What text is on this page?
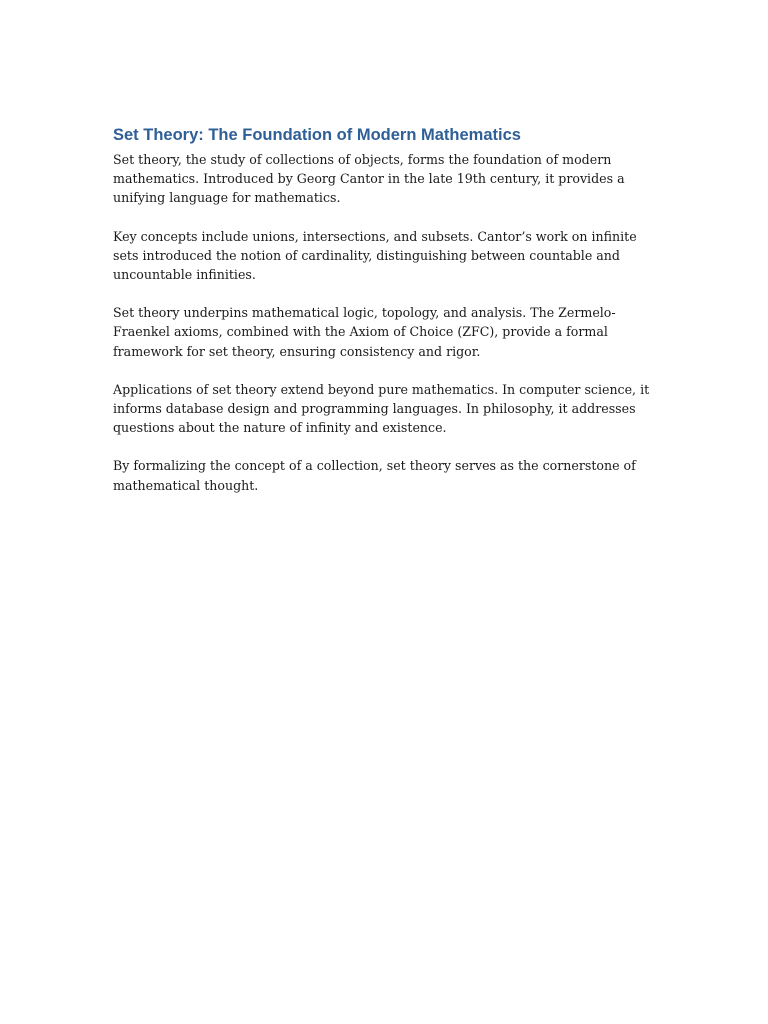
Set Theory: The Foundation of Modern Mathematics

Set theory, the study of collections of objects, forms the foundation of modern mathematics. Introduced by Georg Cantor in the late 19th century, it provides a unifying language for mathematics.

Key concepts include unions, intersections, and subsets. Cantor’s work on infinite sets introduced the notion of cardinality, distinguishing between countable and uncountable infinities.

Set theory underpins mathematical logic, topology, and analysis. The Zermelo-Fraenkel axioms, combined with the Axiom of Choice (ZFC), provide a formal framework for set theory, ensuring consistency and rigor.

Applications of set theory extend beyond pure mathematics. In computer science, it informs database design and programming languages. In philosophy, it addresses questions about the nature of infinity and existence.

By formalizing the concept of a collection, set theory serves as the cornerstone of mathematical thought.
